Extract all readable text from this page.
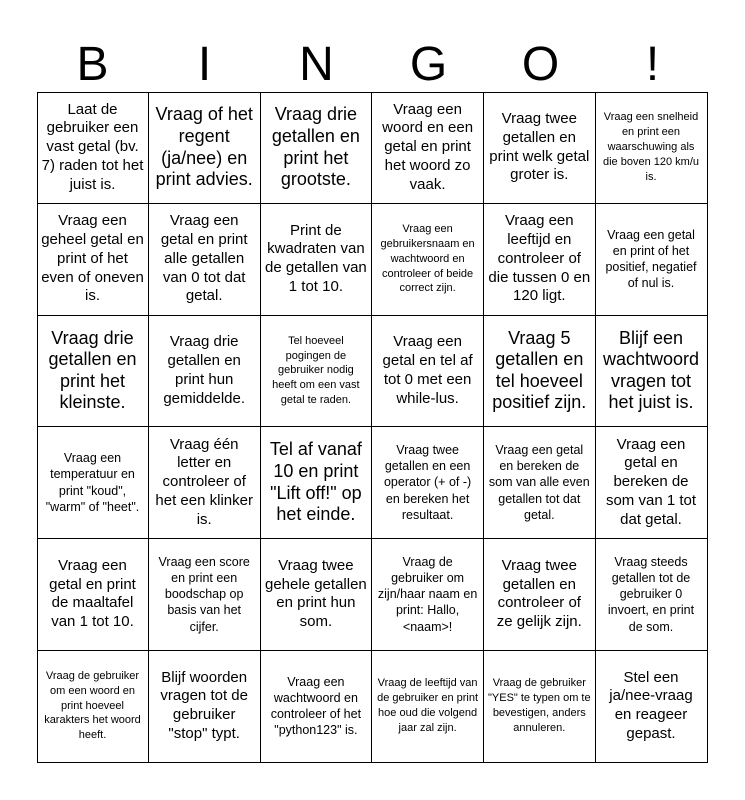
B	I	N	G	O	!
Laat de gebruiker een vast getal (bv. 7) raden tot het juist is.
Vraag of het regent (ja/nee) en print advies.
Vraag drie getallen en print het grootste.
Vraag een woord en een getal en print het woord zo vaak.
Vraag twee getallen en print welk getal groter is.
Vraag een snelheid en print een waarschuwing als die boven 120 km/u is.
Vraag een geheel getal en print of het even of oneven is.
Vraag een getal en print alle getallen van 0 tot dat getal.
Print de kwadraten van de getallen van 1 tot 10.
Vraag een gebruikersnaam en wachtwoord en controleer of beide correct zijn.
Vraag een leeftijd en controleer of die tussen 0 en 120 ligt.
Vraag een getal en print of het positief, negatief of nul is.
Vraag drie getallen en print het kleinste.
Vraag drie getallen en print hun gemiddelde.
Tel hoeveel pogingen de gebruiker nodig heeft om een vast getal te raden.
Vraag een getal en tel af tot 0 met een while-lus.
Vraag 5 getallen en tel hoeveel positief zijn.
Blijf een wachtwoord vragen tot het juist is.
Vraag een temperatuur en print "koud", "warm" of "heet".
Vraag één letter en controleer of het een klinker is.
Tel af vanaf 10 en print "Lift off!" op het einde.
Vraag twee getallen en een operator (+ of -) en bereken het resultaat.
Vraag een getal en bereken de som van alle even getallen tot dat getal.
Vraag een getal en bereken de som van 1 tot dat getal.
Vraag een getal en print de maaltafel van 1 tot 10.
Vraag een score en print een boodschap op basis van het cijfer.
Vraag twee gehele getallen en print hun som.
Vraag de gebruiker om zijn/haar naam en print: Hallo, <naam>!
Vraag twee getallen en controleer of ze gelijk zijn.
Vraag steeds getallen tot de gebruiker 0 invoert, en print de som.
Vraag de gebruiker om een woord en print hoeveel karakters het woord heeft.
Blijf woorden vragen tot de gebruiker "stop" typt.
Vraag een wachtwoord en controleer of het "python123" is.
Vraag de leeftijd van de gebruiker en print hoe oud die volgend jaar zal zijn.
Vraag de gebruiker "YES" te typen om te bevestigen, anders annuleren.
Stel een ja/nee-vraag en reageer gepast.
